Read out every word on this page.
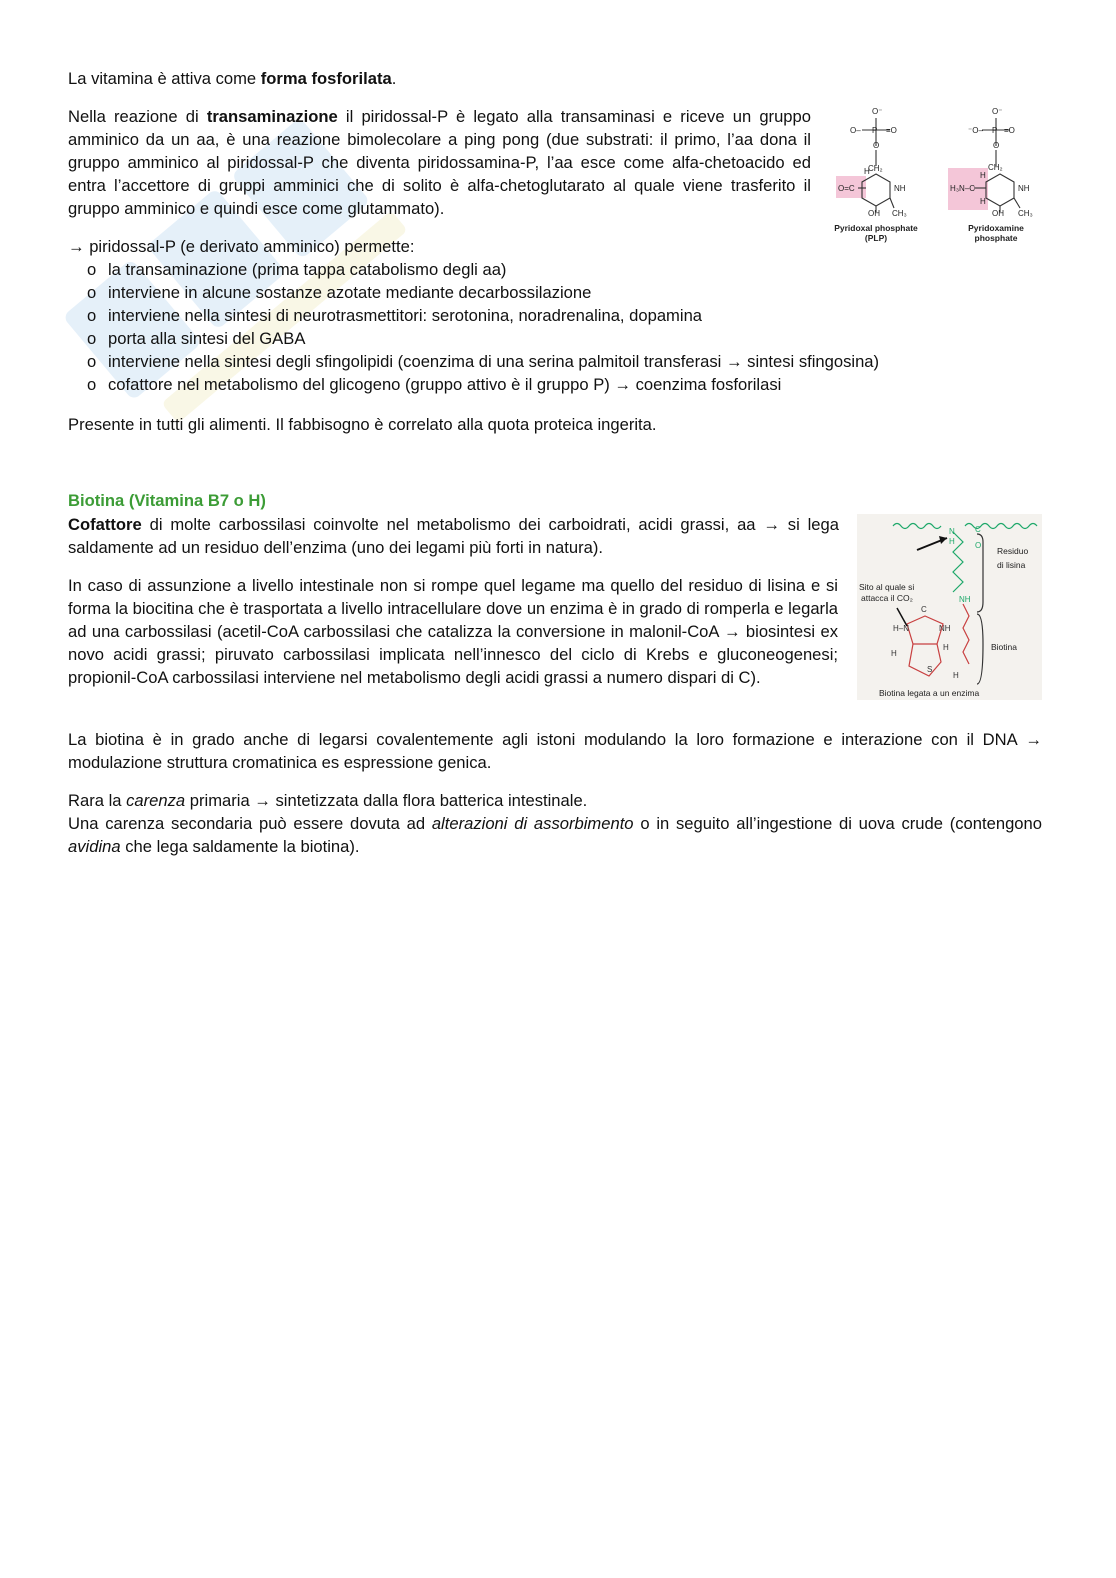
La vitamina è attiva come forma fosforilata.

Nella reazione di transaminazione il piridossal-P è legato alla transaminasi e riceve un gruppo amminico da un aa, è una reazione bimolecolare a ping pong (due substrati: il primo, l’aa dona il gruppo amminico al piridossal-P che diventa piridossamina-P, l’aa esce come alfa-chetoacido ed entra l’accettore di gruppi amminici che di solito è alfa-chetoglutarato al quale viene trasferito il gruppo amminico e quindi esce come glutammato).

→ piridossal-P (e derivato amminico) permette:
o la transaminazione (prima tappa catabolismo degli aa)
o interviene in alcune sostanze azotate mediante decarbossilazione
o interviene nella sintesi di neurotrasmettitori: serotonina, noradrenalina, dopamina
o porta alla sintesi del GABA
o interviene nella sintesi degli sfingolipidi (coenzima di una serina palmitoil transferasi → sintesi sfingosina)
o cofattore nel metabolismo del glicogeno (gruppo attivo è il gruppo P) → coenzima fosforilasi

Presente in tutti gli alimenti. Il fabbisogno è correlato alla quota proteica ingerita.

Biotina (Vitamina B7 o H)

Cofattore di molte carbossilasi coinvolte nel metabolismo dei carboidrati, acidi grassi, aa → si lega saldamente ad un residuo dell’enzima (uno dei legami più forti in natura).

In caso di assunzione a livello intestinale non si rompe quel legame ma quello del residuo di lisina e si forma la biocitina che è trasportata a livello intracellulare dove un enzima è in grado di romperla e legarla ad una carbossilasi (acetil-CoA carbossilasi che catalizza la conversione in malonil-CoA → biosintesi ex novo acidi grassi; piruvato carbossilasi implicata nell’innesco del ciclo di Krebs e gluconeogenesi; propionil-CoA carbossilasi interviene nel metabolismo degli acidi grassi a numero dispari di C).

La biotina è in grado anche di legarsi covalentemente agli istoni modulando la loro formazione e interazione con il DNA → modulazione struttura cromatinica es espressione genica.

Rara la carenza primaria → sintetizzata dalla flora batterica intestinale.

Una carenza secondaria può essere dovuta ad alterazioni di assorbimento o in seguito all’ingestione di uova crude (contengono avidina che lega saldamente la biotina).

O⁻
O– P =O
O
CH₂
H
O=C	NH
OH CH₃
O⁻
⁻O– P =O
O
CH₂
H₃N–C
H
H
NH
OH CH₃
Pyridoxal phosphate
(PLP)
Pyridoxamine
phosphate
N
H
C
O
NH
H–N	NH
C
H
H
S
H
Residuo
di lisina
Sito al quale si
attacca il CO₂
Biotina
Biotina legata a un enzima
